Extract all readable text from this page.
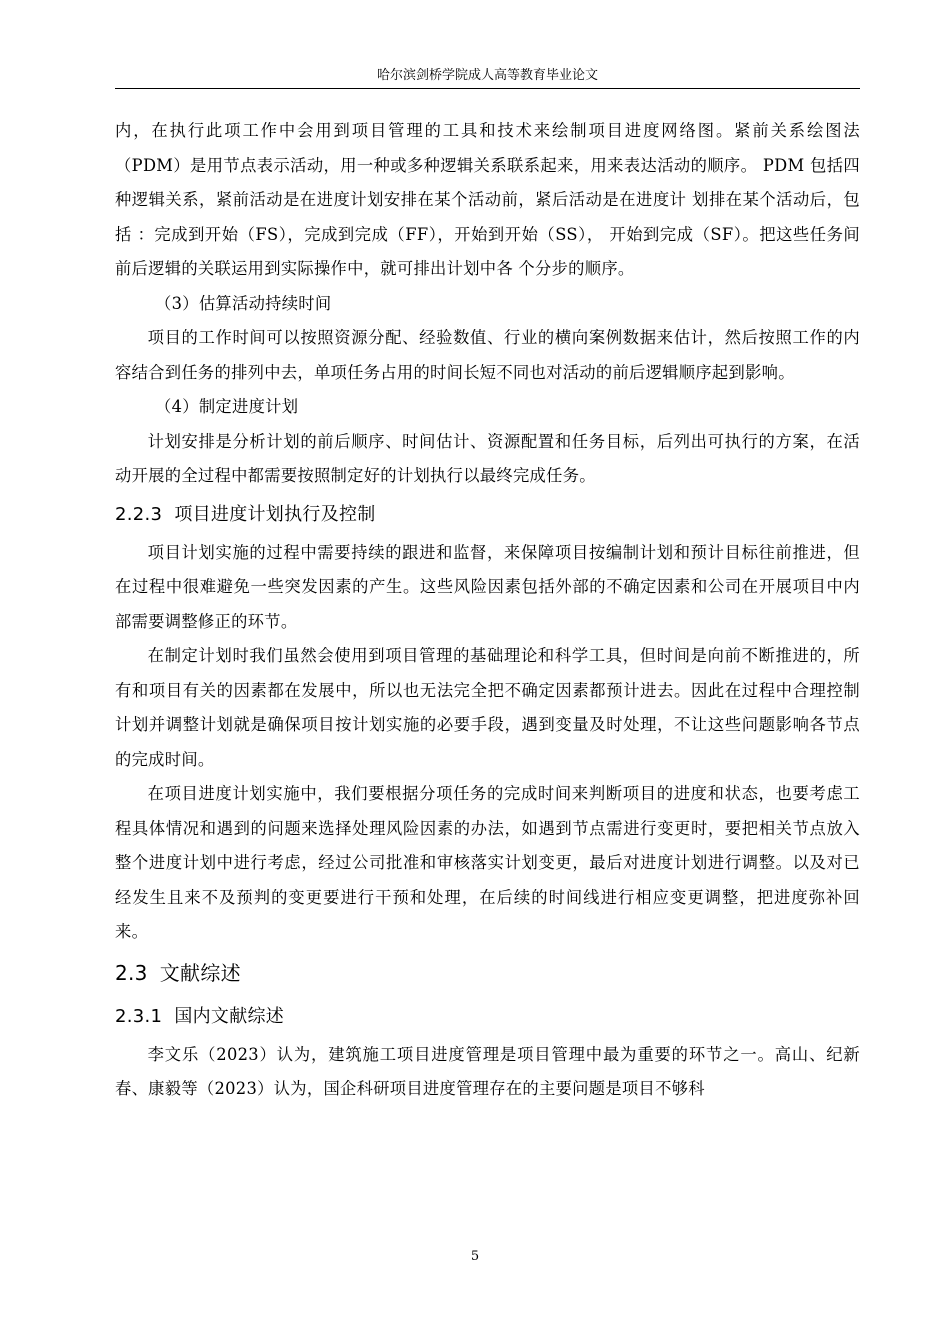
哈尔滨剑桥学院成人高等教育毕业论文

内，在执行此项工作中会用到项目管理的工具和技术来绘制项目进度网络图。紧前关系绘图法（PDM）是用节点表示活动，用一种或多种逻辑关系联系起来，用来表达活动的顺序。 PDM 包括四种逻辑关系，紧前活动是在进度计划安排在某个活动前，紧后活动是在进度计 划排在某个活动后，包括 ：完成到开始（FS），完成到完成（FF），开始到开始（SS）， 开始到完成（SF）。把这些任务间前后逻辑的关联运用到实际操作中，就可排出计划中各 个分步的顺序。

（3）估算活动持续时间

项目的工作时间可以按照资源分配、经验数值、行业的横向案例数据来估计，然后按照工作的内容结合到任务的排列中去，单项任务占用的时间长短不同也对活动的前后逻辑顺序起到影响。

（4）制定进度计划

计划安排是分析计划的前后顺序、时间估计、资源配置和任务目标，后列出可执行的方案，在活动开展的全过程中都需要按照制定好的计划执行以最终完成任务。

2.2.3 项目进度计划执行及控制

项目计划实施的过程中需要持续的跟进和监督，来保障项目按编制计划和预计目标往前推进，但在过程中很难避免一些突发因素的产生。这些风险因素包括外部的不确定因素和公司在开展项目中内部需要调整修正的环节。

在制定计划时我们虽然会使用到项目管理的基础理论和科学工具，但时间是向前不断推进的，所有和项目有关的因素都在发展中，所以也无法完全把不确定因素都预计进去。因此在过程中合理控制计划并调整计划就是确保项目按计划实施的必要手段，遇到变量及时处理，不让这些问题影响各节点的完成时间。

在项目进度计划实施中，我们要根据分项任务的完成时间来判断项目的进度和状态，也要考虑工程具体情况和遇到的问题来选择处理风险因素的办法，如遇到节点需进行变更时，要把相关节点放入整个进度计划中进行考虑，经过公司批准和审核落实计划变更，最后对进度计划进行调整。以及对已经发生且来不及预判的变更要进行干预和处理，在后续的时间线进行相应变更调整，把进度弥补回来。

2.3 文献综述
2.3.1 国内文献综述

李文乐（2023）认为，建筑施工项目进度管理是项目管理中最为重要的环节之一。高山、纪新春、康毅等（2023）认为，国企科研项目进度管理存在的主要问题是项目不够科

5
